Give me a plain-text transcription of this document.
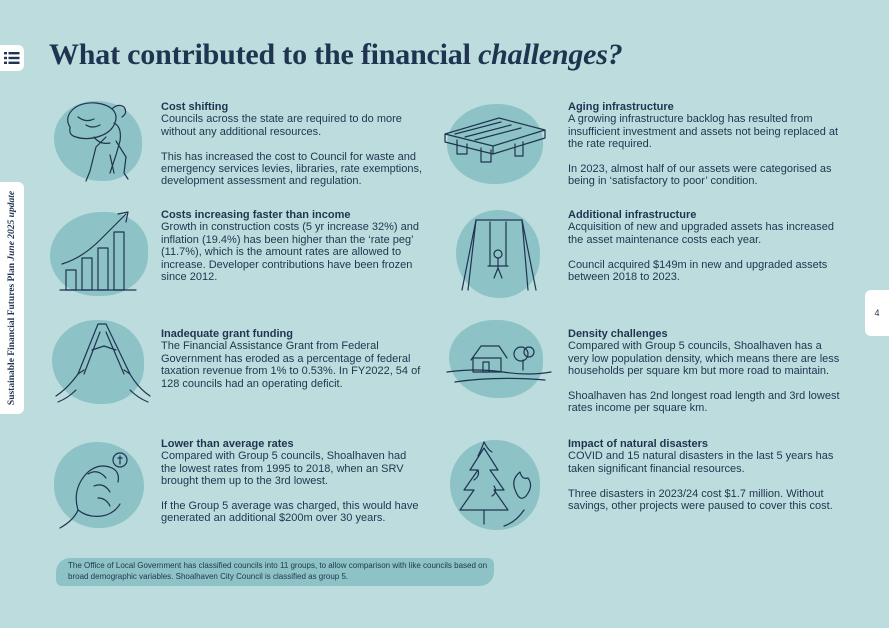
Sustainable Financial Futures Plan June 2025 update
4
What contributed to the financial challenges?
Cost shifting

Councils across the state are required to do more without any additional resources.

This has increased the cost to Council for waste and emergency services levies, libraries, rate exemptions, development assessment and regulation.

Costs increasing faster than income

Growth in construction costs (5 yr increase 32%) and inflation (19.4%) has been higher than the ‘rate peg’ (11.7%), which is the amount rates are allowed to increase. Developer contributions have been frozen since 2012.

Inadequate grant funding

The Financial Assistance Grant from Federal Government has eroded as a percentage of federal taxation revenue from 1% to 0.53%. In FY2022, 54 of 128 councils had an operating deficit.

Lower than average rates

Compared with Group 5 councils, Shoalhaven had the lowest rates from 1995 to 2018, when an SRV brought them up to the 3rd lowest.

If the Group 5 average was charged, this would have generated an additional $200m over 30 years.

Aging infrastructure

A growing infrastructure backlog has resulted from insufficient investment and assets not being replaced at the rate required.

In 2023, almost half of our assets were categorised as being in ‘satisfactory to poor’ condition.

Additional infrastructure

Acquisition of new and upgraded assets has increased the asset maintenance costs each year.

Council acquired $149m in new and upgraded assets between 2018 to 2023.

Density challenges

Compared with Group 5 councils, Shoalhaven has a very low population density, which means there are less households per square km but more road to maintain.

Shoalhaven has 2nd longest road length and 3rd lowest rates income per square km.

Impact of natural disasters

COVID and 15 natural disasters in the last 5 years has taken significant financial resources.

Three disasters in 2023/24 cost $1.7 million. Without savings, other projects were paused to cover this cost.

The Office of Local Government has classified councils into 11 groups, to allow comparison with like councils based on broad demographic variables. Shoalhaven City Council is classified as group 5.
